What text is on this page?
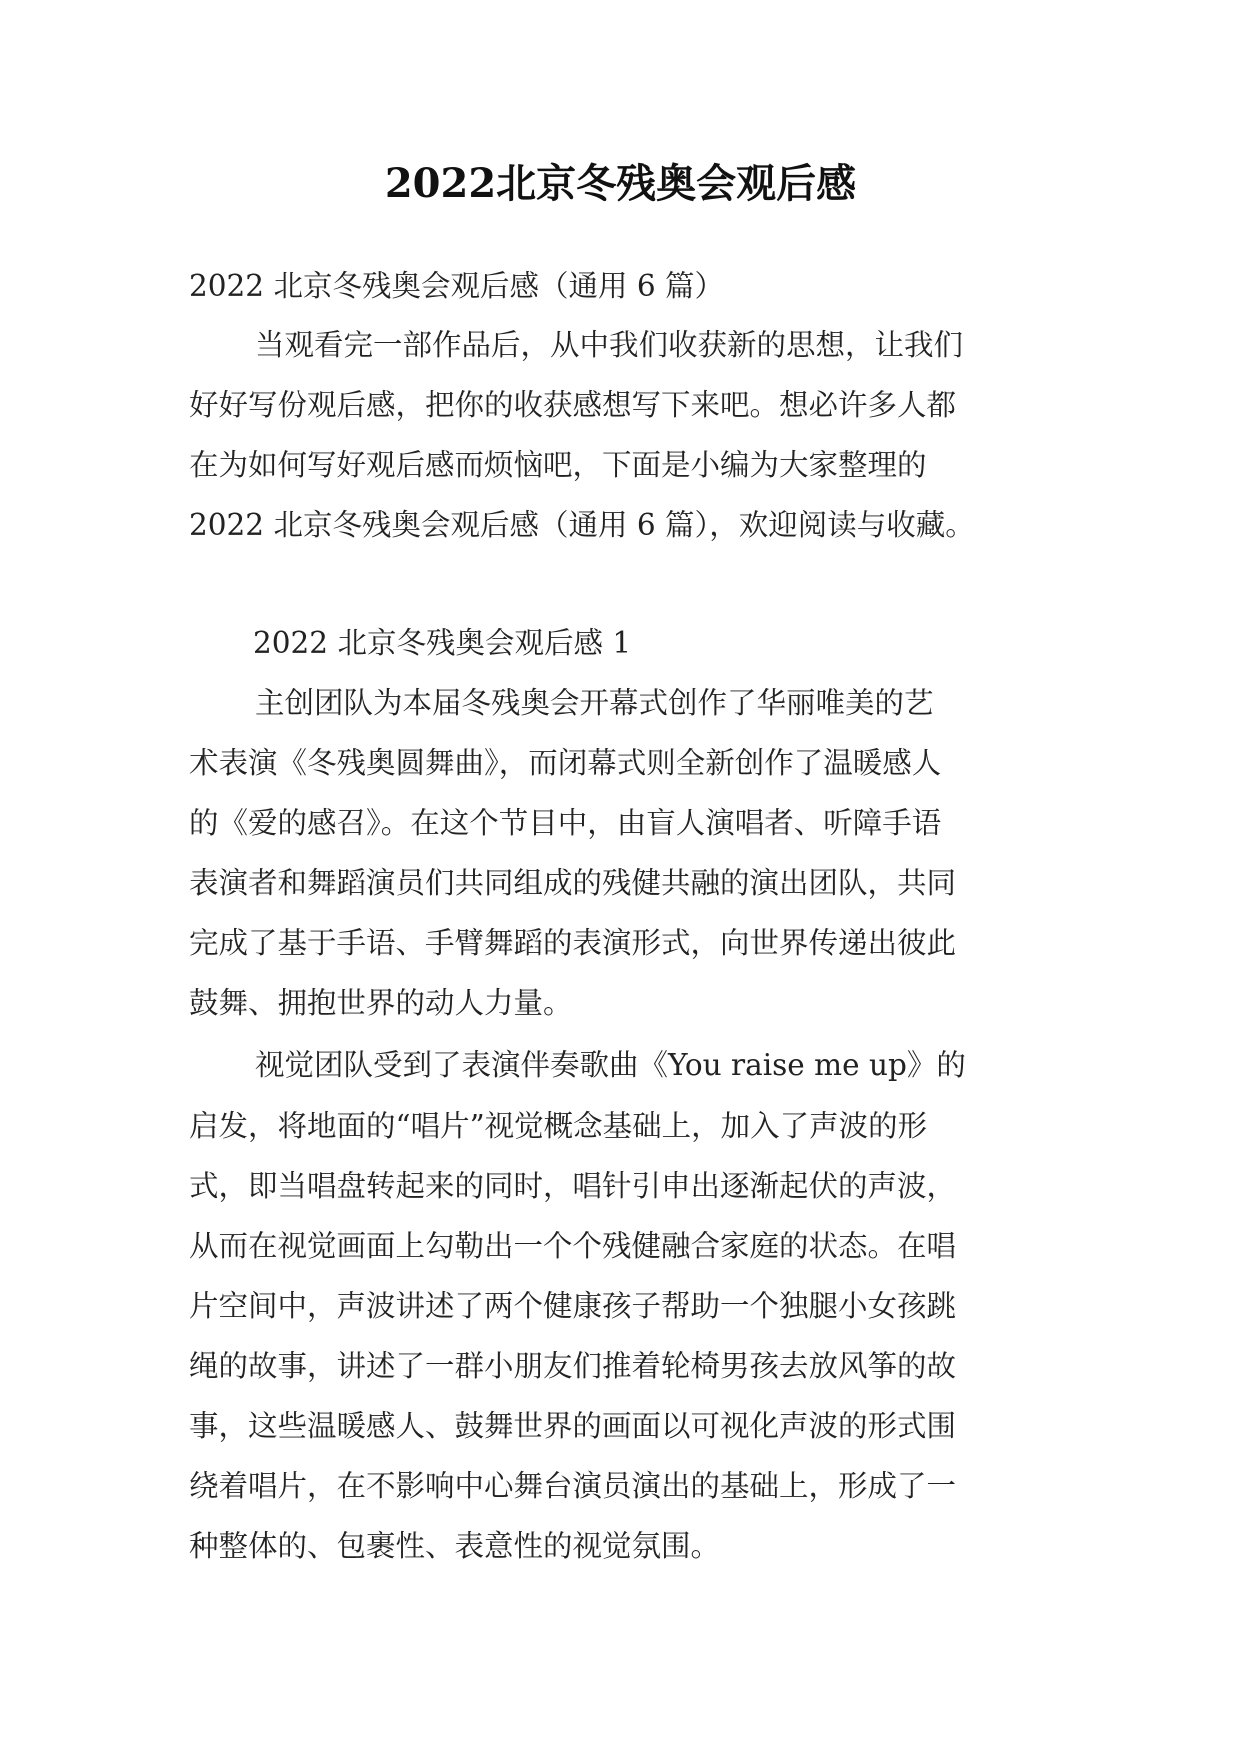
2022北京冬残奥会观后感
2022 北京冬残奥会观后感（通用 6 篇）
当观看完一部作品后，从中我们收获新的思想，让我们
好好写份观后感，把你的收获感想写下来吧。想必许多人都
在为如何写好观后感而烦恼吧，下面是小编为大家整理的
2022 北京冬残奥会观后感（通用 6 篇），欢迎阅读与收藏。
2022 北京冬残奥会观后感 1
主创团队为本届冬残奥会开幕式创作了华丽唯美的艺
术表演《冬残奥圆舞曲》，而闭幕式则全新创作了温暖感人
的《爱的感召》。在这个节目中，由盲人演唱者、听障手语
表演者和舞蹈演员们共同组成的残健共融的演出团队，共同
完成了基于手语、手臂舞蹈的表演形式，向世界传递出彼此
鼓舞、拥抱世界的动人力量。
视觉团队受到了表演伴奏歌曲《You raise me up》的
启发，将地面的“唱片”视觉概念基础上，加入了声波的形
式，即当唱盘转起来的同时，唱针引申出逐渐起伏的声波，
从而在视觉画面上勾勒出一个个残健融合家庭的状态。在唱
片空间中，声波讲述了两个健康孩子帮助一个独腿小女孩跳
绳的故事，讲述了一群小朋友们推着轮椅男孩去放风筝的故
事，这些温暖感人、鼓舞世界的画面以可视化声波的形式围
绕着唱片，在不影响中心舞台演员演出的基础上，形成了一
种整体的、包裹性、表意性的视觉氛围。
